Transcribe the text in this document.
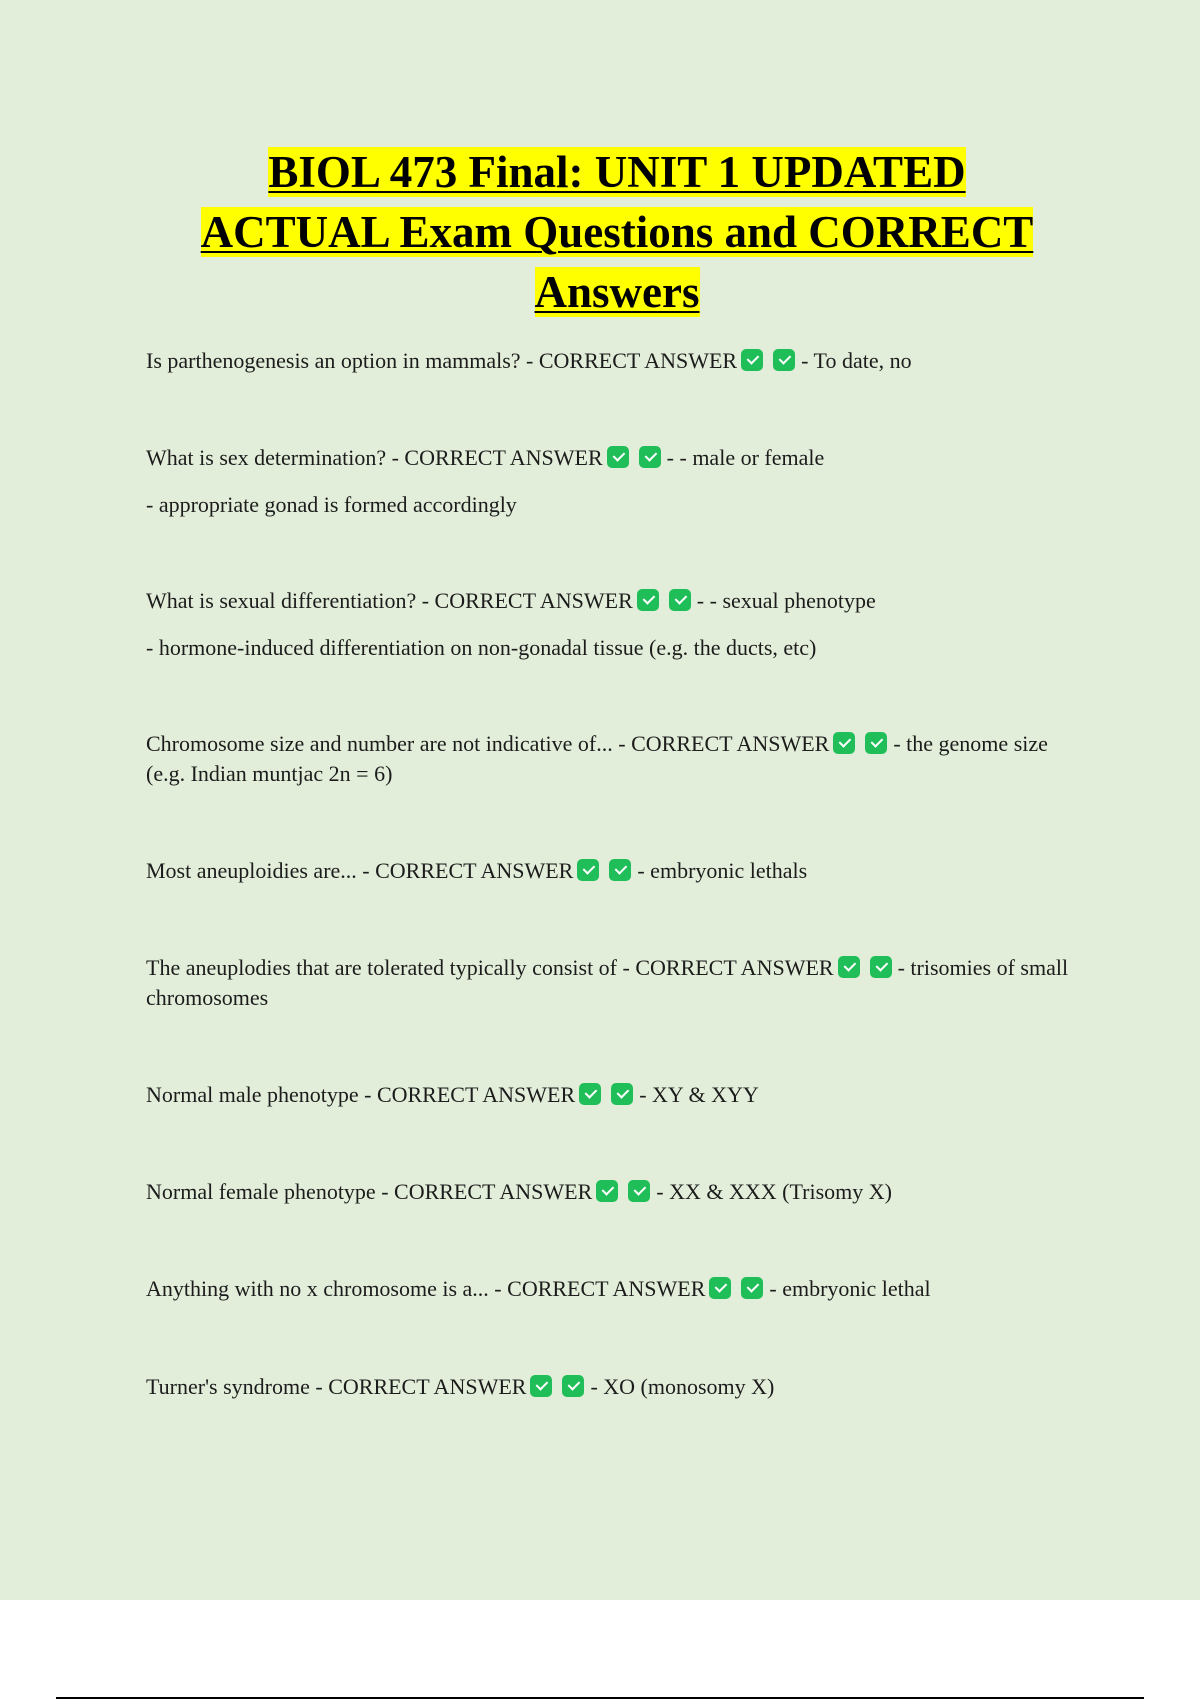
BIOL 473 Final: UNIT 1 UPDATED
ACTUAL Exam Questions and CORRECT
Answers

Is parthenogenesis an option in mammals? - CORRECT ANSWER	- To date, no

What is sex determination? - CORRECT ANSWER	- - male or female

- appropriate gonad is formed accordingly

What is sexual differentiation? - CORRECT ANSWER	- - sexual phenotype

- hormone-induced differentiation on non-gonadal tissue (e.g. the ducts, etc)

Chromosome size and number are not indicative of... - CORRECT ANSWER	- the genome size (e.g. Indian muntjac 2n = 6)

Most aneuploidies are... - CORRECT ANSWER	- embryonic lethals

The aneuplodies that are tolerated typically consist of - CORRECT ANSWER	- trisomies of small chromosomes

Normal male phenotype - CORRECT ANSWER	- XY & XYY

Normal female phenotype - CORRECT ANSWER	- XX & XXX (Trisomy X)

Anything with no x chromosome is a... - CORRECT ANSWER	- embryonic lethal

Turner's syndrome - CORRECT ANSWER	- XO (monosomy X)
